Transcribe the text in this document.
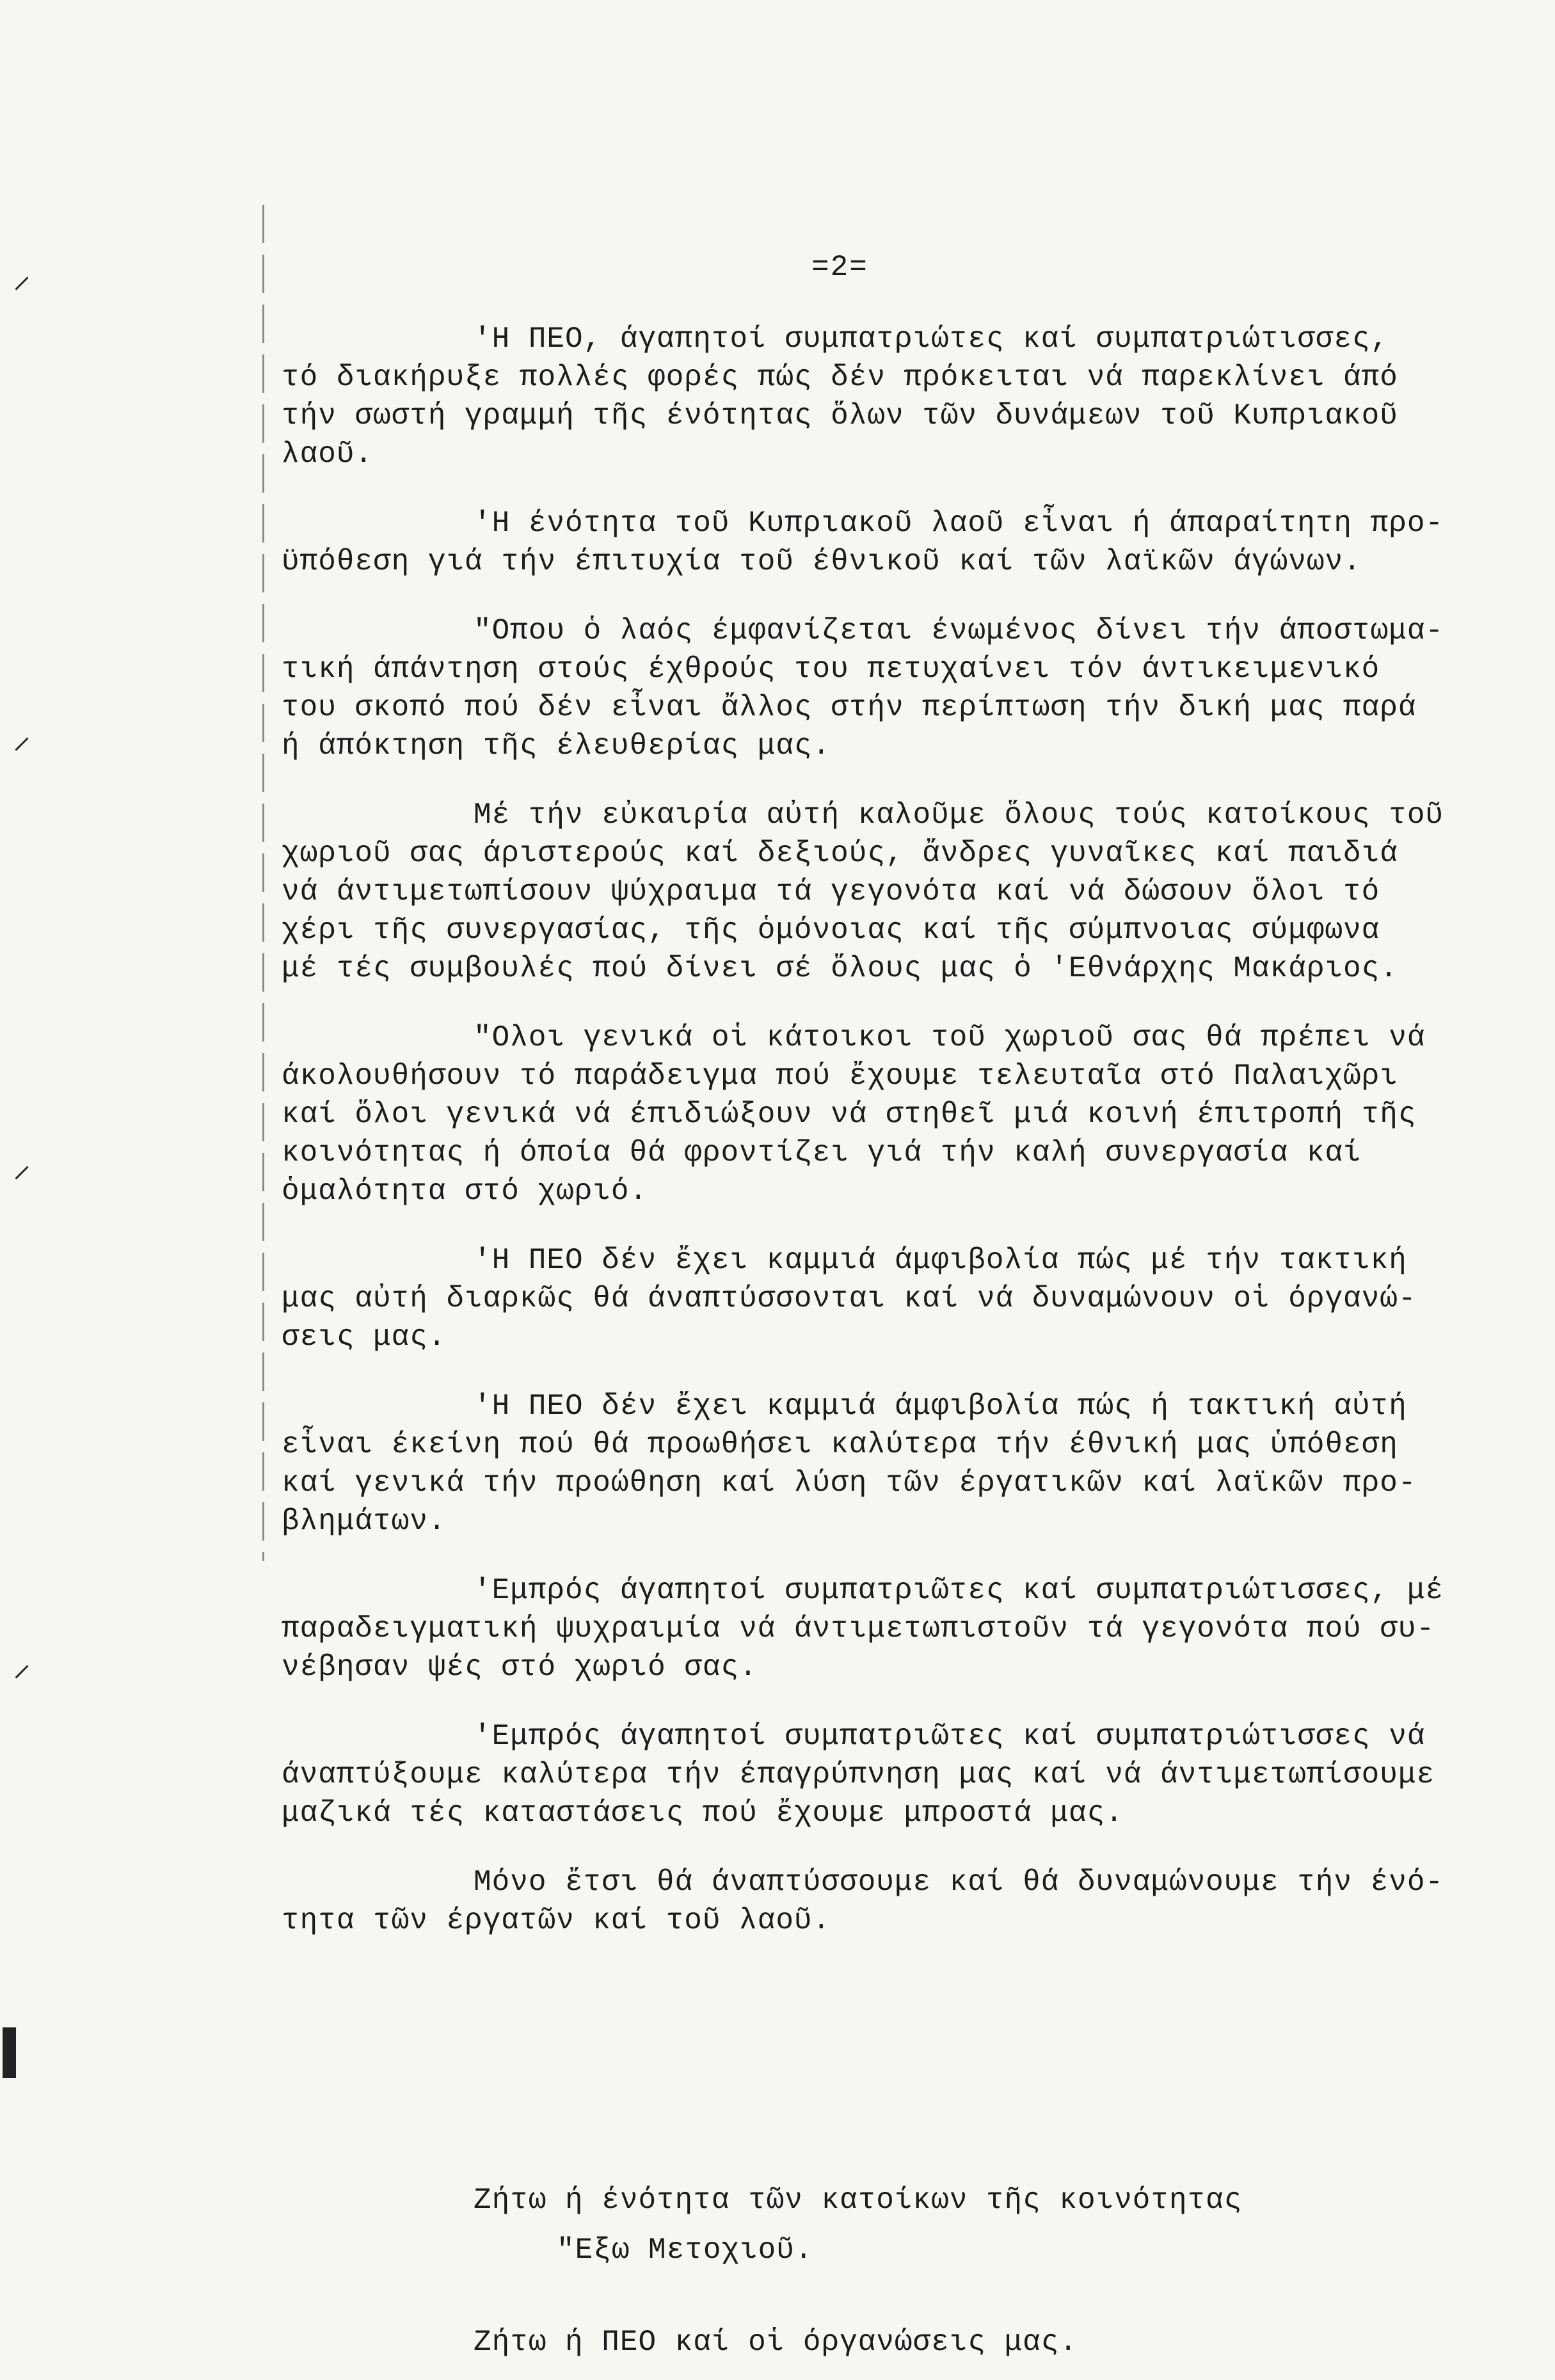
⸝
⸝
⸝
⸝
▌
=2=
'Η ΠΕΟ, άγαπητοί συμπατριώτες καί συμπατριώτισσες,
τό διακήρυξε πολλές φορές πώς δέν πρόκειται νά παρεκλίνει άπό
τήν σωστή γραμμή τῆς ένότητας ὅλων τῶν δυνάμεων τοῦ Κυπριακοῦ
λαοῦ.
'Η ένότητα τοῦ Κυπριακοῦ λαοῦ εἶναι ή άπαραίτητη προ-
ϋπόθεση γιά τήν έπιτυχία τοῦ έθνικοῦ καί τῶν λαϊκῶν άγώνων.
"Οπου ὁ λαός έμφανίζεται ένωμένος δίνει τήν άποστωμα-
τική άπάντηση στούς έχθρούς του πετυχαίνει τόν άντικειμενικό
του σκοπό πού δέν εἶναι ἄλλος στήν περίπτωση τήν δική μας παρά
ή άπόκτηση τῆς έλευθερίας μας.
Μέ τήν εὐκαιρία αὐτή καλοῦμε ὅλους τούς κατοίκους τοῦ
χωριοῦ σας άριστερούς καί δεξιούς, ἄνδρες γυναῖκες καί παιδιά
νά άντιμετωπίσουν ψύχραιμα τά γεγονότα καί νά δώσουν ὅλοι τό
χέρι τῆς συνεργασίας, τῆς ὁμόνοιας καί τῆς σύμπνοιας σύμφωνα
μέ τές συμβουλές πού δίνει σέ ὅλους μας ὁ 'Εθνάρχης Μακάριος.
"Ολοι γενικά οἱ κάτοικοι τοῦ χωριοῦ σας θά πρέπει νά
άκολουθήσουν τό παράδειγμα πού ἔχουμε τελευταῖα στό Παλαιχῶρι
καί ὅλοι γενικά νά έπιδιώξουν νά στηθεῖ μιά κοινή έπιτροπή τῆς
κοινότητας ή όποία θά φροντίζει γιά τήν καλή συνεργασία καί
ὁμαλότητα στό χωριό.
'Η ΠΕΟ δέν ἔχει καμμιά άμφιβολία πώς μέ τήν τακτική
μας αὐτή διαρκῶς θά άναπτύσσονται καί νά δυναμώνουν οἱ όργανώ-
σεις μας.
'Η ΠΕΟ δέν ἔχει καμμιά άμφιβολία πώς ή τακτική αὐτή
εἶναι έκείνη πού θά προωθήσει καλύτερα τήν έθνική μας ὑπόθεση
καί γενικά τήν προώθηση καί λύση τῶν έργατικῶν καί λαϊκῶν προ-
βλημάτων.
'Εμπρός άγαπητοί συμπατριῶτες καί συμπατριώτισσες, μέ
παραδειγματική ψυχραιμία νά άντιμετωπιστοῦν τά γεγονότα πού συ-
νέβησαν ψές στό χωριό σας.
'Εμπρός άγαπητοί συμπατριῶτες καί συμπατριώτισσες νά
άναπτύξουμε καλύτερα τήν έπαγρύπνηση μας καί νά άντιμετωπίσουμε
μαζικά τές καταστάσεις πού ἔχουμε μπροστά μας.
Μόνο ἔτσι θά άναπτύσσουμε καί θά δυναμώνουμε τήν ένό-
τητα τῶν έργατῶν καί τοῦ λαοῦ.
Ζήτω ή ένότητα τῶν κατοίκων τῆς κοινότητας
"Εξω Μετοχιοῦ.
Ζήτω ή ΠΕΟ καί οἱ όργανώσεις μας.
